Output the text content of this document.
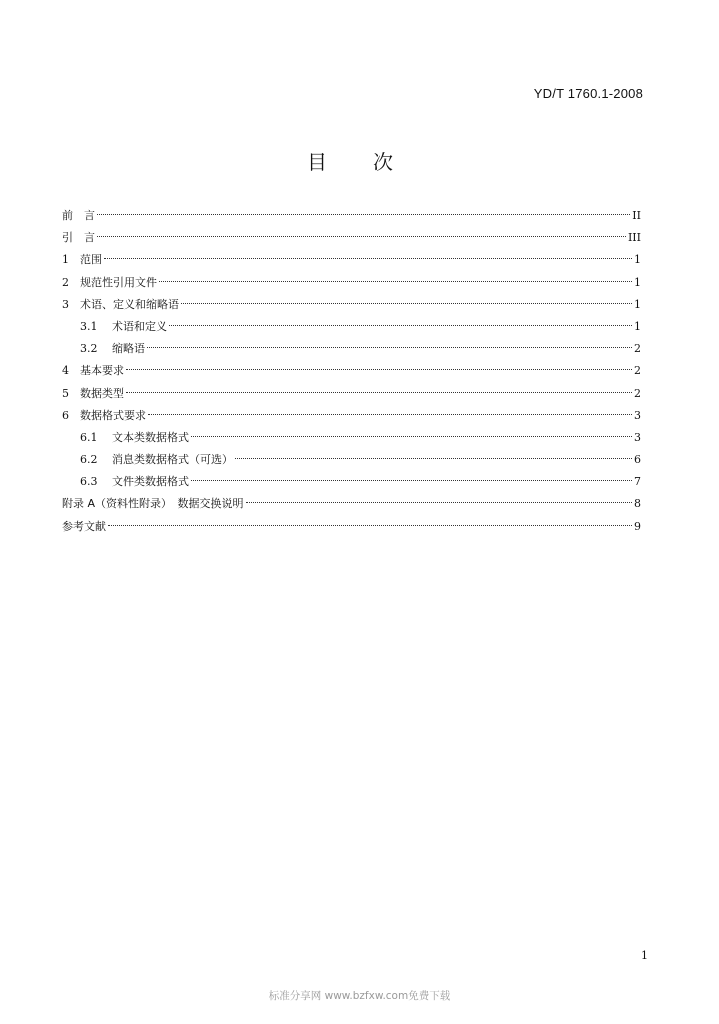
YD/T 1760.1-2008
目 次
前　言	II
引　言	III
1	范围	1
2	规范性引用文件	1
3	术语、定义和缩略语	1
3.1	术语和定义	1
3.2	缩略语	2
4	基本要求	2
5	数据类型	2
6	数据格式要求	3
6.1	文本类数据格式	3
6.2	消息类数据格式（可选）	6
6.3	文件类数据格式	7
附录 A（资料性附录）　数据交换说明	8
参考文献	9
1
标准分享网 www.bzfxw.com免费下载
